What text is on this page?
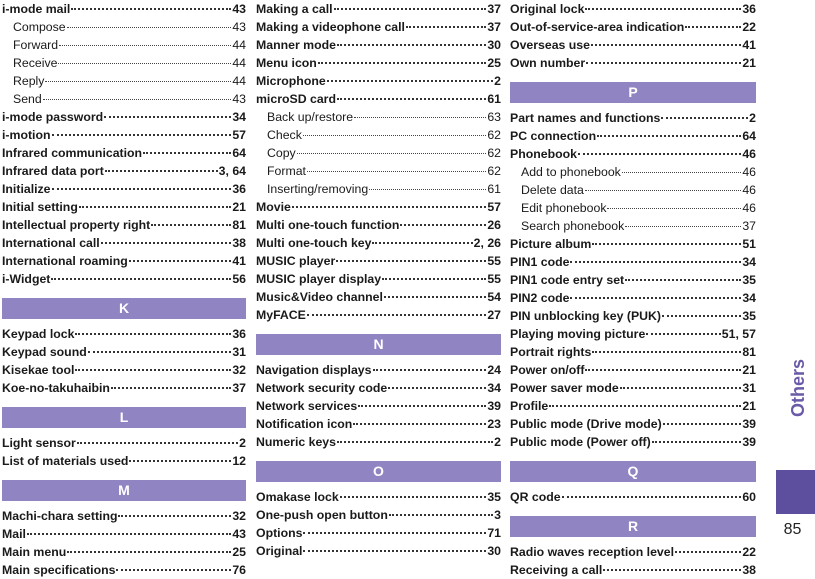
i-mode mail	43
Compose	43
Forward	44
Receive	44
Reply	44
Send	43
i-mode password	34
i-motion	57
Infrared communication	64
Infrared data port	3, 64
Initialize	36
Initial setting	21
Intellectual property right	81
International call	38
International roaming	41
i-Widget	56
K
Keypad lock	36
Keypad sound	31
Kisekae tool	32
Koe-no-takuhaibin	37
L
Light sensor	2
List of materials used	12
M
Machi-chara setting	32
Mail	43
Main menu	25
Main specifications	76
Making a call	37
Making a videophone call	37
Manner mode	30
Menu icon	25
Microphone	2
microSD card	61
Back up/restore	63
Check	62
Copy	62
Format	62
Inserting/removing	61
Movie	57
Multi one-touch function	26
Multi one-touch key	2, 26
MUSIC player	55
MUSIC player display	55
Music&Video channel	54
MyFACE	27
N
Navigation displays	24
Network security code	34
Network services	39
Notification icon	23
Numeric keys	2
O
Omakase lock	35
One-push open button	3
Options	71
Original	30
Original lock	36
Out-of-service-area indication	22
Overseas use	41
Own number	21
P
Part names and functions	2
PC connection	64
Phonebook	46
Add to phonebook	46
Delete data	46
Edit phonebook	46
Search phonebook	37
Picture album	51
PIN1 code	34
PIN1 code entry set	35
PIN2 code	34
PIN unblocking key (PUK)	35
Playing moving picture	51, 57
Portrait rights	81
Power on/off	21
Power saver mode	31
Profile	21
Public mode (Drive mode)	39
Public mode (Power off)	39
Q
QR code	60
R
Radio waves reception level	22
Receiving a call	38
Others
85
